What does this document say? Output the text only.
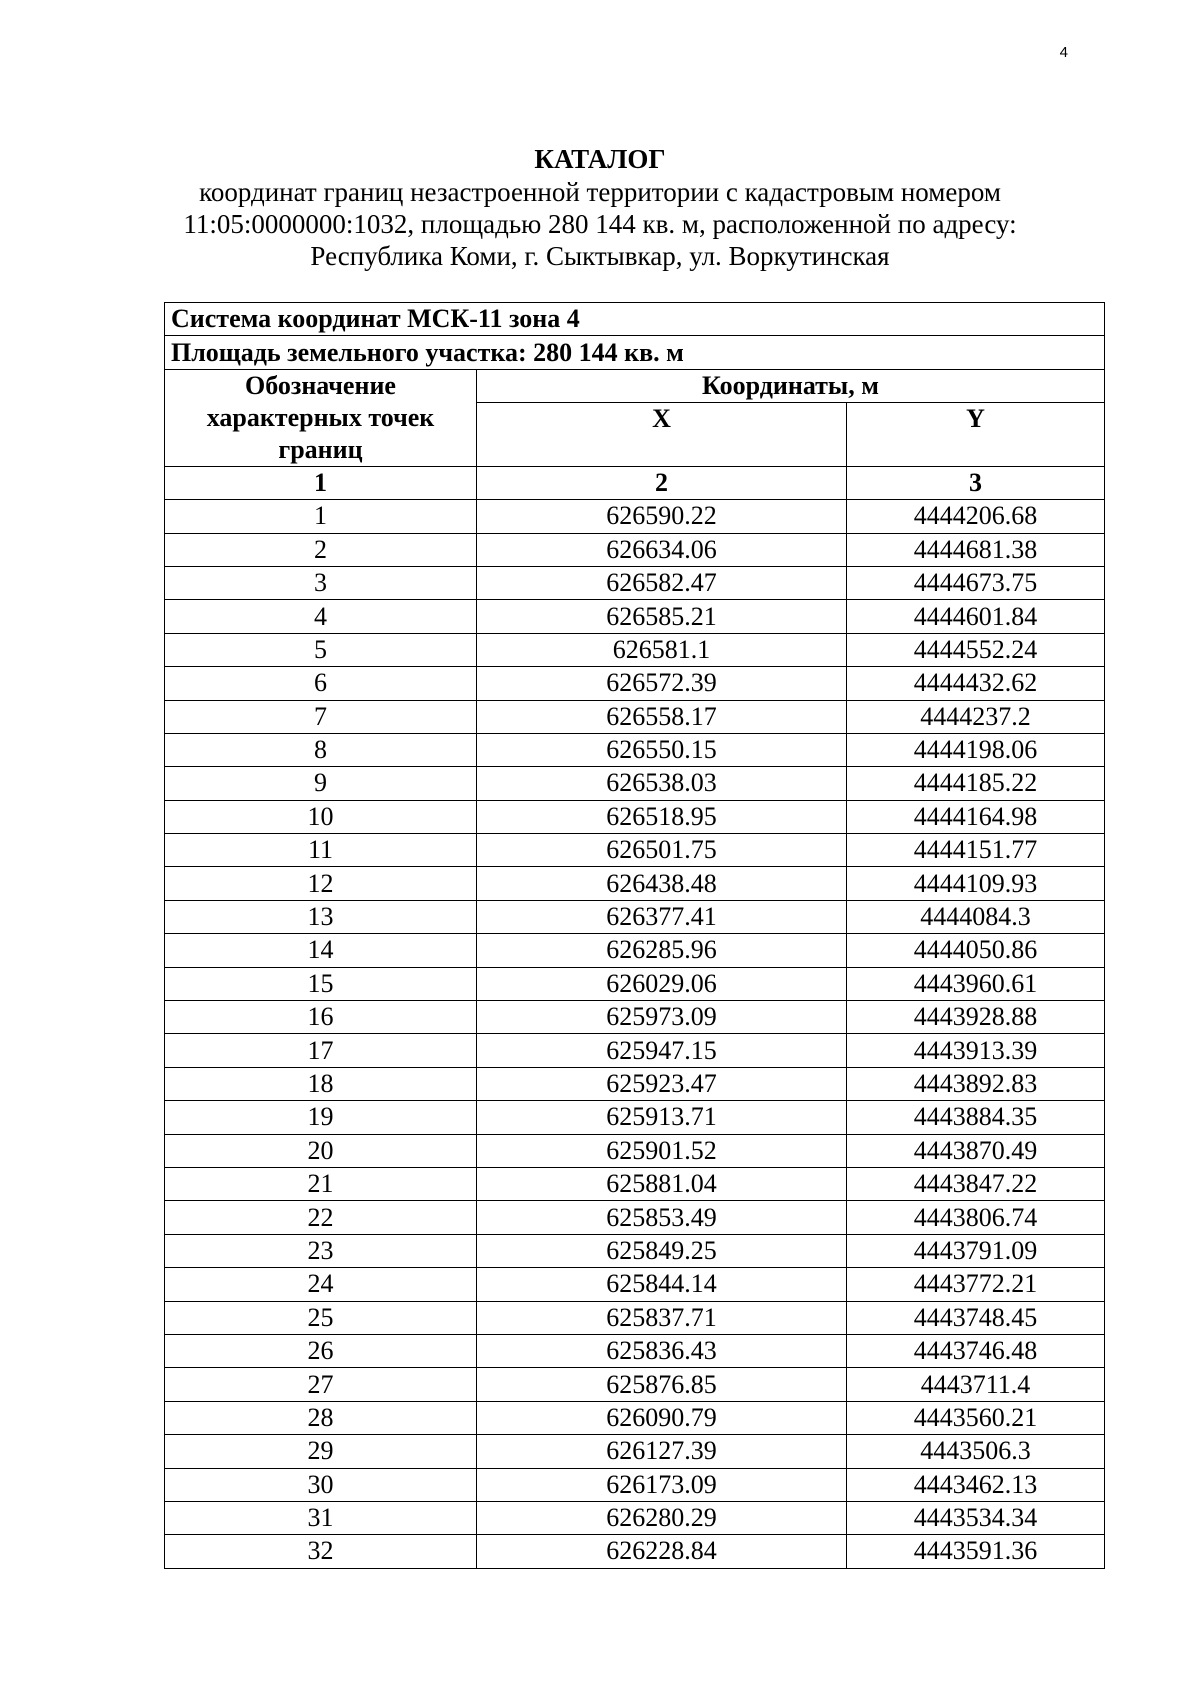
4
КАТАЛОГ
координат границ незастроенной территории с кадастровым номером
11:05:0000000:1032, площадью 280 144 кв. м, расположенной по адресу:
Республика Коми, г. Сыктывкар, ул. Воркутинская
Система координат МСК-11 зона 4		
Площадь земельного участка: 280 144 кв. м		
Обозначение характерных точек границ	Координаты, м	
	X	Y
1	2	3
1	626590.22	4444206.68
2	626634.06	4444681.38
3	626582.47	4444673.75
4	626585.21	4444601.84
5	626581.1	4444552.24
6	626572.39	4444432.62
7	626558.17	4444237.2
8	626550.15	4444198.06
9	626538.03	4444185.22
10	626518.95	4444164.98
11	626501.75	4444151.77
12	626438.48	4444109.93
13	626377.41	4444084.3
14	626285.96	4444050.86
15	626029.06	4443960.61
16	625973.09	4443928.88
17	625947.15	4443913.39
18	625923.47	4443892.83
19	625913.71	4443884.35
20	625901.52	4443870.49
21	625881.04	4443847.22
22	625853.49	4443806.74
23	625849.25	4443791.09
24	625844.14	4443772.21
25	625837.71	4443748.45
26	625836.43	4443746.48
27	625876.85	4443711.4
28	626090.79	4443560.21
29	626127.39	4443506.3
30	626173.09	4443462.13
31	626280.29	4443534.34
32	626228.84	4443591.36
